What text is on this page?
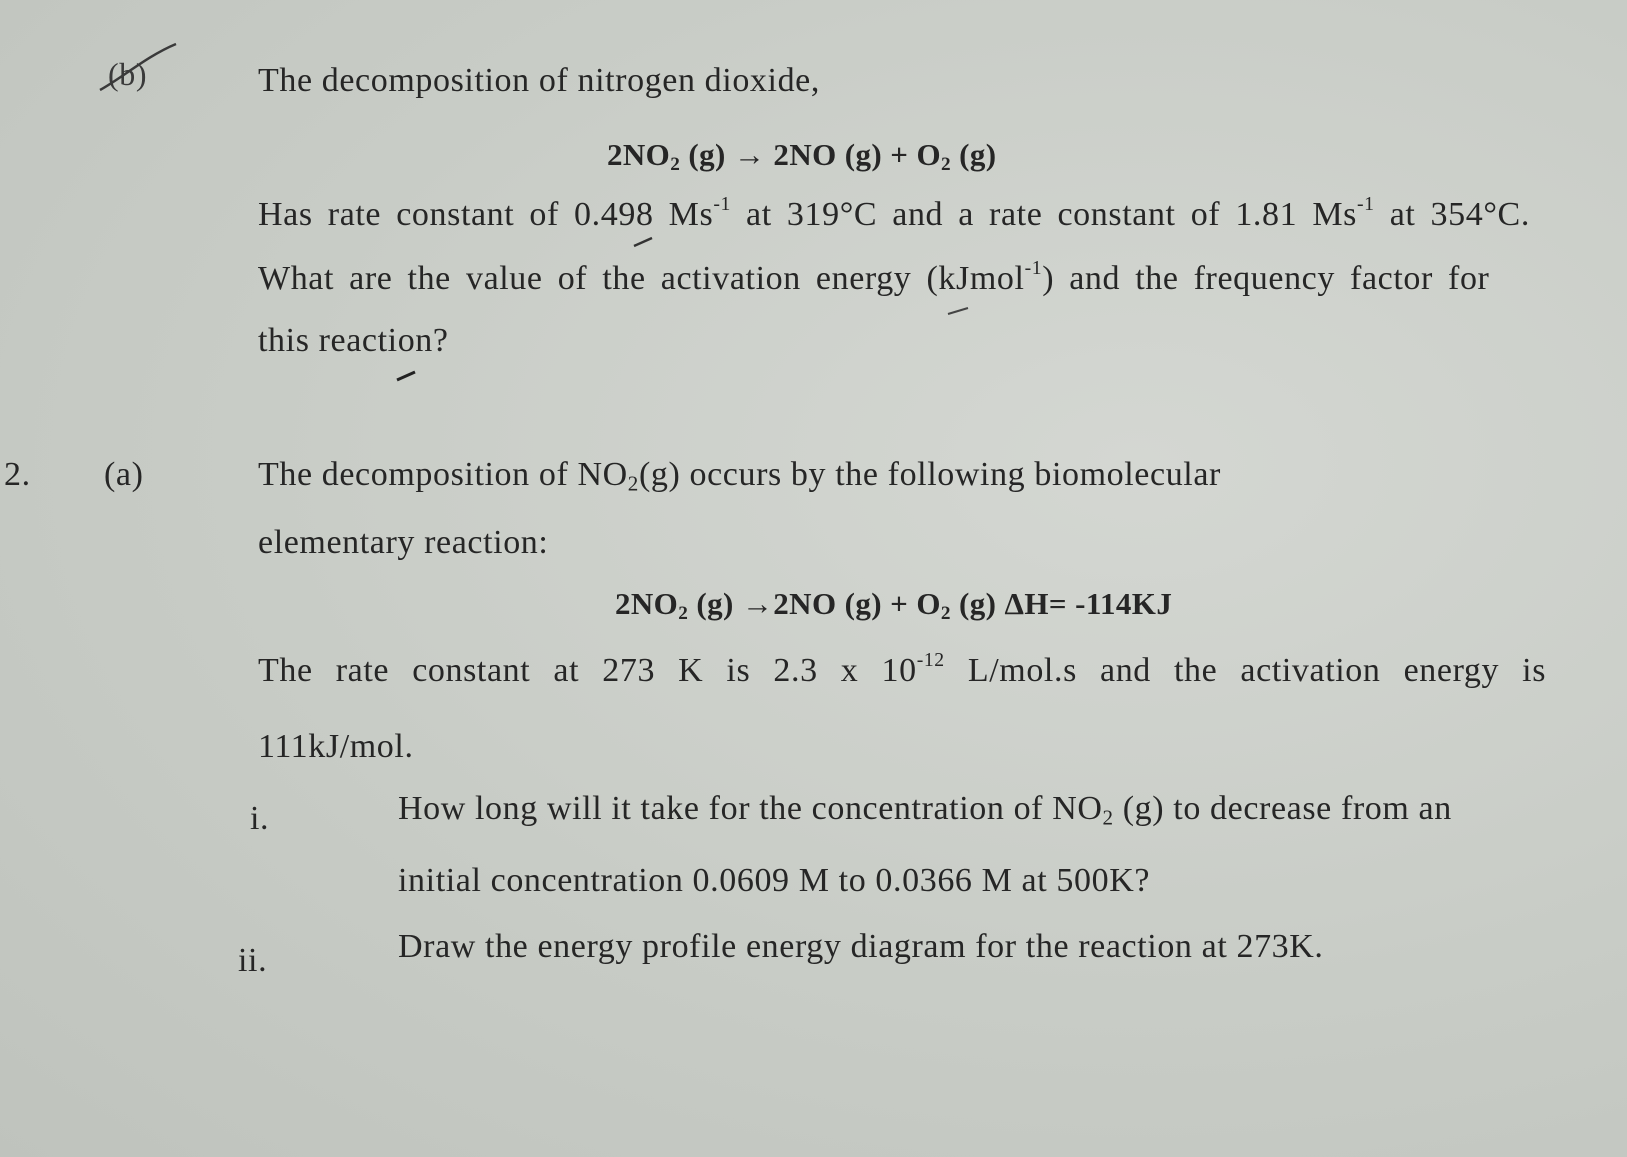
(b)	The decomposition of nitrogen dioxide,
$2NO_2$ (g) → 2NO $(g) + O_2$ (g)
Has rate constant of 0.498 $Ms^{-1}$ at 319°C and a rate constant of 1.81 $Ms^{-1}$ at 354°C.
What are the value of the activation energy (kJmol$^{-1}$) and the frequency factor for
this reaction?
2. (a)	The decomposition of $NO_2(g)$ occurs by the following biomolecular
elementary reaction:
$2NO_2$ (g) →2NO $(g) + O_2$ (g) ΔH= -114KJ
The rate constant at 273 K is 2.3 x $10^{-12}$ L/mol.s and the activation energy is
111kJ/mol.
i.	How long will it take for the concentration of $NO_2$ (g) to decrease from an
initial concentration 0.0609 M to 0.0366 M at 500K?
ii.	Draw the energy profile energy diagram for the reaction at 273K.
